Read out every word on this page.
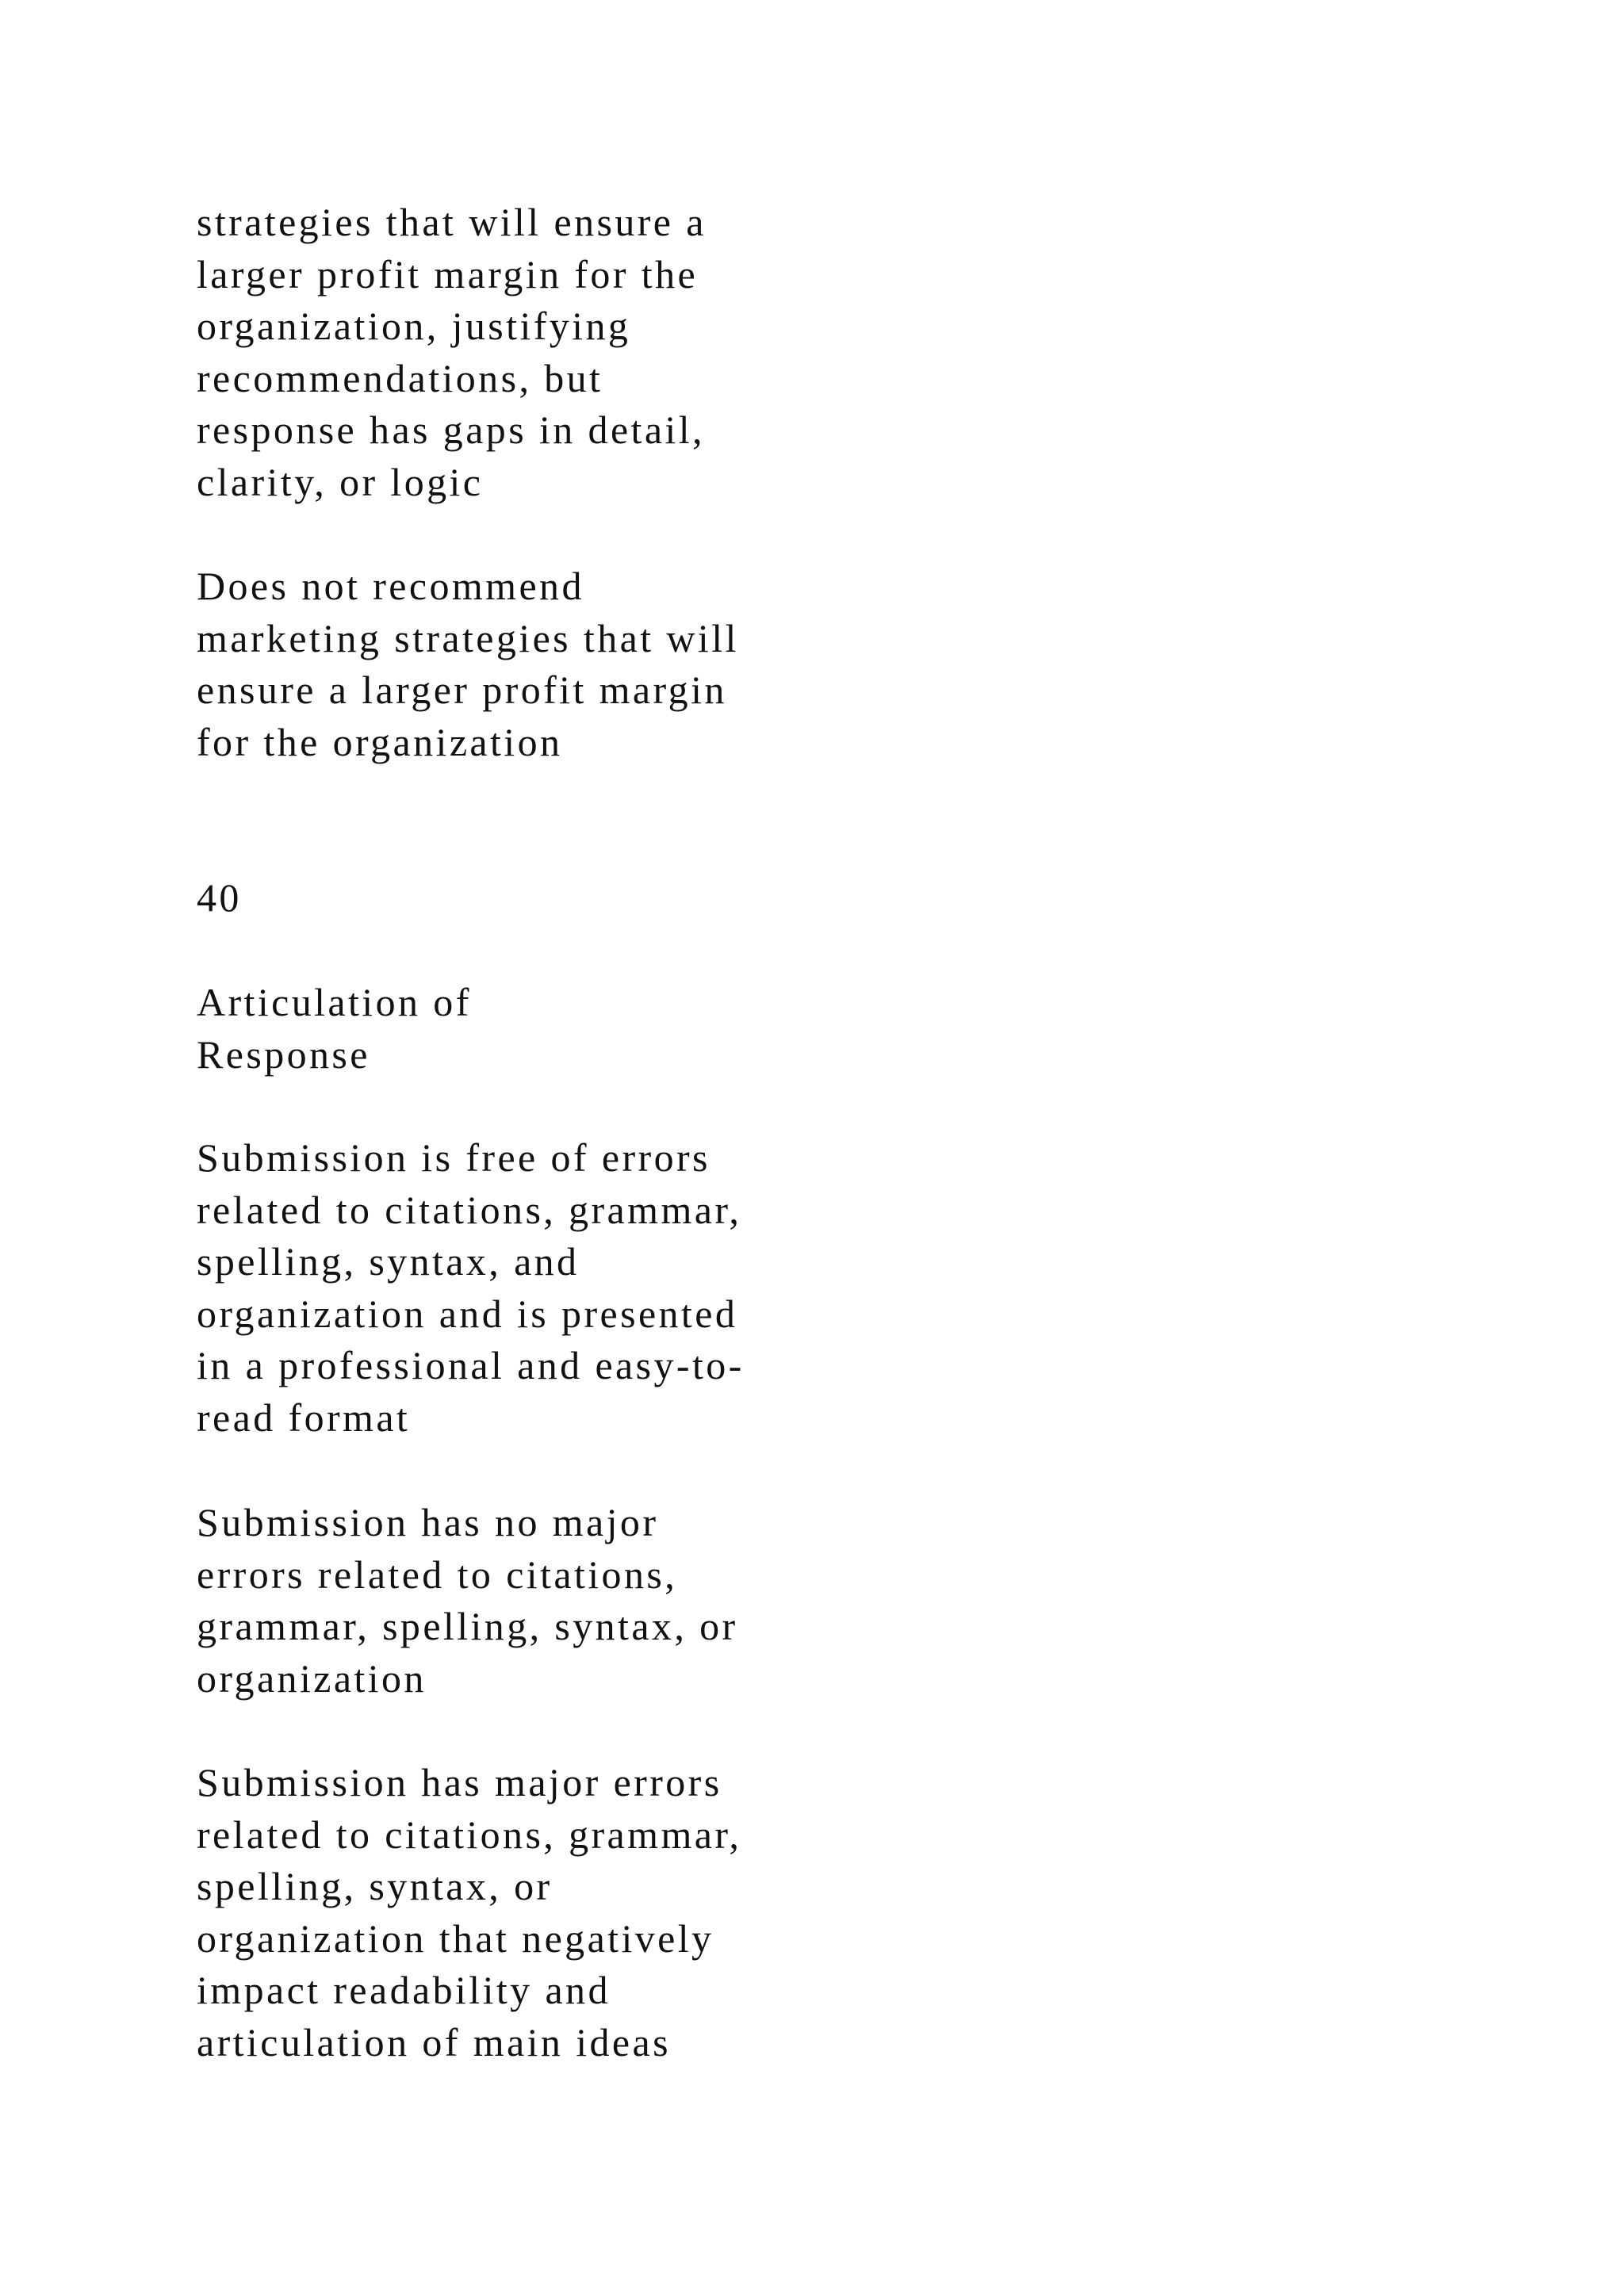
strategies that will ensure a
larger profit margin for the
organization, justifying
recommendations, but
response has gaps in detail,
clarity, or logic
Does not recommend
marketing strategies that will
ensure a larger profit margin
for the organization
40
Articulation of
Response
Submission is free of errors
related to citations, grammar,
spelling, syntax, and
organization and is presented
in a professional and easy-to-
read format
Submission has no major
errors related to citations,
grammar, spelling, syntax, or
organization
Submission has major errors
related to citations, grammar,
spelling, syntax, or
organization that negatively
impact readability and
articulation of main ideas
